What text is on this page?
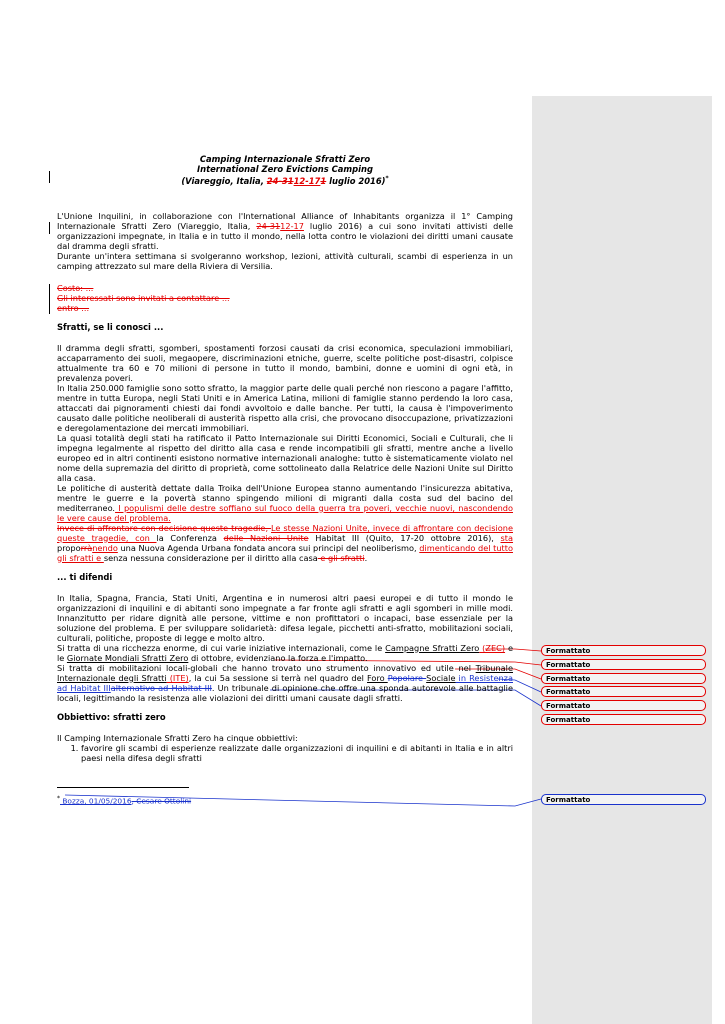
Formattato
Formattato
Formattato
Formattato
Formattato
Formattato
Formattato
Camping Internazionale Sfratti Zero
International Zero Evictions Camping
(Viareggio, Italia, 24-3112-171 luglio 2016)*

L'Unione Inquilini, in collaborazione con l'International Alliance of Inhabitants organizza il 1° Camping Internazionale Sfratti Zero (Viareggio, Italia, 24-3112-17 luglio 2016) a cui sono invitati attivisti delle organizzazioni impegnate, in Italia e in tutto il mondo, nella lotta contro le violazioni dei diritti umani causate dal dramma degli sfratti.

Durante un'intera settimana si svolgeranno workshop, lezioni, attività culturali, scambi di esperienza in un camping attrezzato sul mare della Riviera di Versilia.

Costo: ...
Gli interessati sono invitati a contattare ...
entro ...
Sfratti, se li conosci ...

Il dramma degli sfratti, sgomberi, spostamenti forzosi causati da crisi economica, speculazioni immobiliari, accaparramento dei suoli, megaopere, discriminazioni etniche, guerre, scelte politiche post-disastri, colpisce attualmente tra 60 e 70 milioni di persone in tutto il mondo, bambini, donne e uomini di ogni età, in prevalenza poveri.

In Italia 250.000 famiglie sono sotto sfratto, la maggior parte delle quali perché non riescono a pagare l'affitto, mentre in tutta Europa, negli Stati Uniti e in America Latina, milioni di famiglie stanno perdendo la loro casa, attaccati dai pignoramenti chiesti dai fondi avvoltoio e dalle banche. Per tutti, la causa è l'impoverimento causato dalle politiche neoliberali di austerità rispetto alla crisi, che provocano disoccupazione, privatizzazioni e deregolamentazione dei mercati immobiliari.

La quasi totalità degli stati ha ratificato il Patto Internazionale sui Diritti Economici, Sociali e Culturali, che li impegna legalmente al rispetto del diritto alla casa e rende incompatibili gli sfratti, mentre anche a livello europeo ed in altri continenti esistono normative internazionali analoghe: tutto è sistematicamente violato nel nome della supremazia del diritto di proprietà, come sottolineato dalla Relatrice delle Nazioni Unite sul Diritto alla casa.

Le politiche di austerità dettate dalla Troika dell'Unione Europea stanno aumentando l'insicurezza abitativa, mentre le guerre e la povertà stanno spingendo milioni di migranti dalla costa sud del bacino del mediterraneo. I populismi delle destre soffiano sul fuoco della guerra tra poveri, vecchie nuovi, nascondendo le vere cause del problema.

Invece di affrontare con decisione queste tragedie, Le stesse Nazioni Unite, invece di affrontare con decisione queste tragedie, con la Conferenza delle Nazioni Unite Habitat III (Quito, 17-20 ottobre 2016), sta proporrànendo una Nuova Agenda Urbana fondata ancora sui principi del neoliberismo, dimenticando del tutto gli sfratti e senza nessuna considerazione per il diritto alla casa e gli sfratti.

... ti difendi

In Italia, Spagna, Francia, Stati Uniti, Argentina e in numerosi altri paesi europei e di tutto il mondo le organizzazioni di inquilini e di abitanti sono impegnate a far fronte agli sfratti e agli sgomberi in mille modi. Innanzitutto per ridare dignità alle persone, vittime e non profittatori o incapaci, base essenziale per la soluzione del problema. E per sviluppare solidarietà: difesa legale, picchetti anti-sfratto, mobilitazioni sociali, culturali, politiche, proposte di legge e molto altro.

Si tratta di una ricchezza enorme, di cui varie iniziative internazionali, come le Campagne Sfratti Zero (ZEC) e le Giornate Mondiali Sfratti Zero di ottobre, evidenziano la forza e l'impatto.

Si tratta di mobilitazioni locali-globali che hanno trovato uno strumento innovativo ed utile nel Tribunale Internazionale degli Sfratti (ITE), la cui 5a sessione si terrà nel quadro del Foro Popolare Sociale in Resistenza ad Habitat IIIalternativo ad Habitat III. Un tribunale di opinione che offre una sponda autorevole alle battaglie locali, legittimando la resistenza alle violazioni dei diritti umani causate dagli sfratti.

Obbiettivo: sfratti zero

Il Camping Internazionale Sfratti Zero ha cinque obbiettivi:

1. favorire gli scambi di esperienze realizzate dalle organizzazioni di inquilini e di abitanti in Italia e in altri paesi nella difesa degli sfratti
* Bozza, 01/05/2016, Cesare Ottolini
